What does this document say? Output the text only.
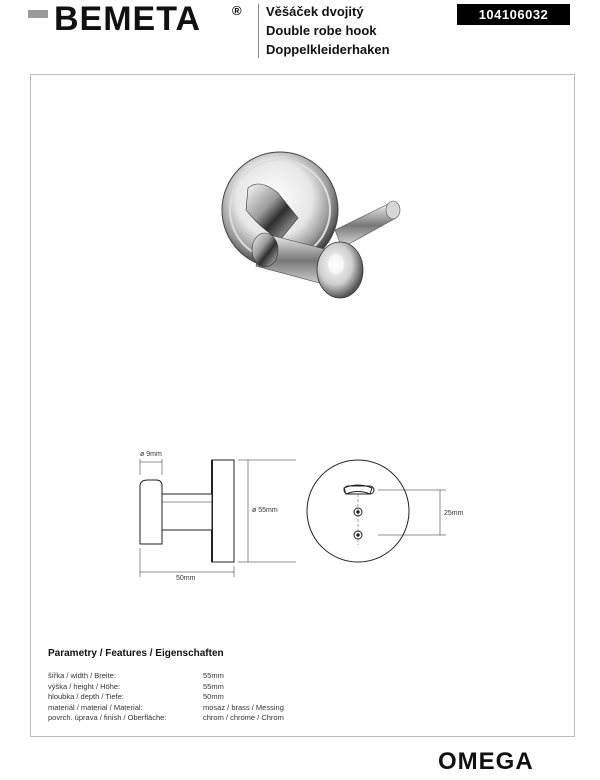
BEMETA ® Věšáček dvojitý
Double robe hook
Doppelkleiderhaken
104106032
ø 9mm
ø 55mm
50mm
25mm
Parametry / Features / Eigenschaften
šířka / width / Breite:	55mm
výška / height / Höhe:	55mm
hloubka / depth / Tiefe:	50mm
materiál / material / Material:	mosaz / brass / Messing
povrch. úprava / finish / Oberfläche:	chrom / chrome / Chrom
OMEGA
